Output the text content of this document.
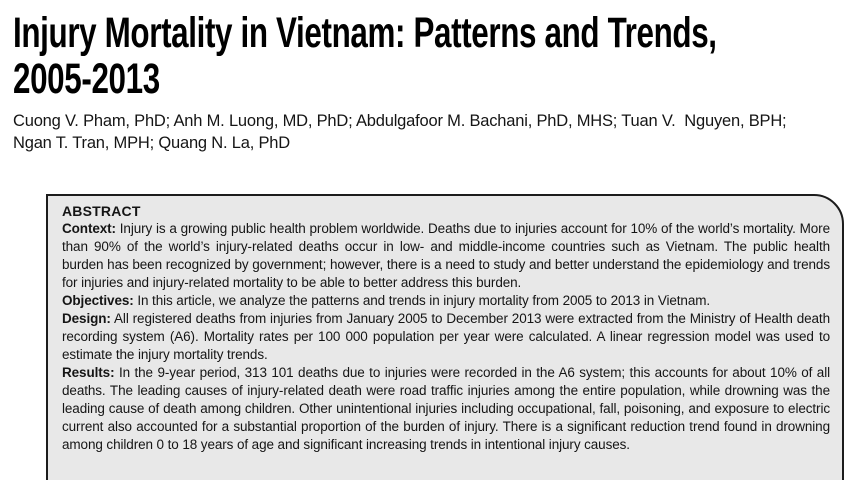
Injury Mortality in Vietnam: Patterns and Trends,
2005-2013
Cuong V. Pham, PhD; Anh M. Luong, MD, PhD; Abdulgafoor M. Bachani, PhD, MHS; Tuan V.  Nguyen, BPH;
Ngan T. Tran, MPH; Quang N. La, PhD
ABSTRACT

Context: Injury is a growing public health problem worldwide. Deaths due to injuries account for 10% of the world’s mortality. More than 90% of the world’s injury-related deaths occur in low- and middle-income countries such as Vietnam. The public health burden has been recognized by government; however, there is a need to study and better understand the epidemiology and trends for injuries and injury-related mortality to be able to better address this burden.

Objectives: In this article, we analyze the patterns and trends in injury mortality from 2005 to 2013 in Vietnam.

Design: All registered deaths from injuries from January 2005 to December 2013 were extracted from the Ministry of Health death recording system (A6). Mortality rates per 100 000 population per year were calculated. A linear regression model was used to estimate the injury mortality trends.

Results: In the 9-year period, 313 101 deaths due to injuries were recorded in the A6 system; this accounts for about 10% of all deaths. The leading causes of injury-related death were road traffic injuries among the entire population, while drowning was the leading cause of death among children. Other unintentional injuries including occupational, fall, poisoning, and exposure to electric current also accounted for a substantial proportion of the burden of injury. There is a significant reduction trend found in drowning among children 0 to 18 years of age and significant increasing trends in intentional injury causes.
